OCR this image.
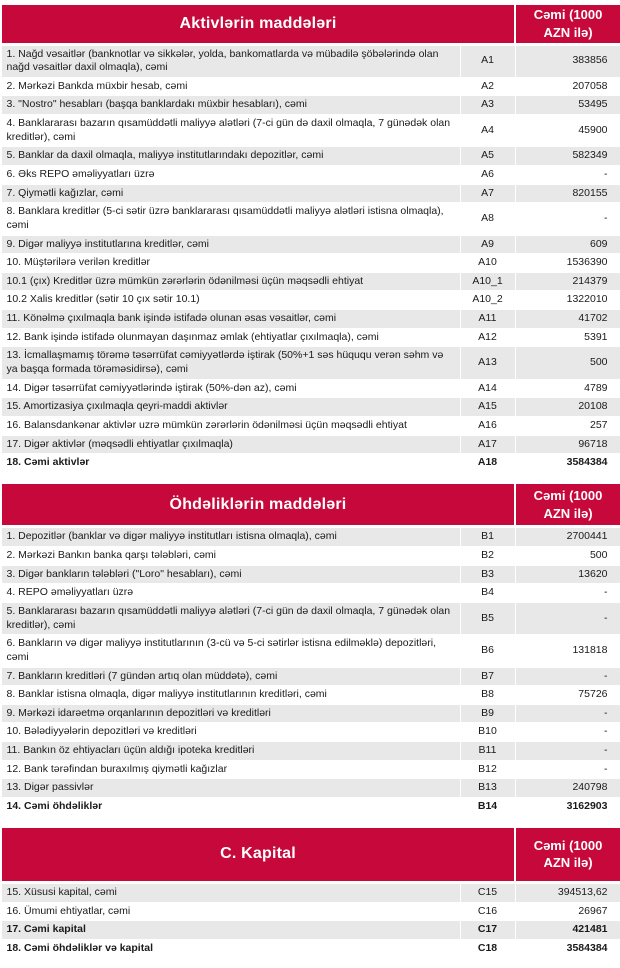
Aktivlərin maddələri		Cəmi (1000 AZN ilə)
1. Nağd vəsaitlər (banknotlar və sikkələr, yolda, bankomatlarda və mübadilə şöbələrində olan nağd vəsaitlər daxil olmaqla), cəmi	A1	383856
2. Mərkəzi Bankda müxbir hesab, cəmi	A2	207058
3. "Nostro" hesabları (başqa banklardakı müxbir hesabları), cəmi	A3	53495
4. Banklararası bazarın qısamüddətli maliyyə alətləri (7-ci gün də daxil olmaqla, 7 günədək olan kreditlər), cəmi	A4	45900
5. Banklar da daxil olmaqla, maliyyə institutlarındakı depozitlər, cəmi	A5	582349
6. Əks REPO əməliyyatları üzrə	A6	-
7. Qiymətli kağızlar, cəmi	A7	820155
8. Banklara kreditlər (5-ci sətir üzrə banklararası qısamüddətli maliyyə alətləri istisna olmaqla), cəmi	A8	-
9. Digər maliyyə institutlarına kreditlər, cəmi	A9	609
10. Müştərilərə verilən kreditlər	A10	1536390
10.1 (çıx) Kreditlər üzrə mümkün zərərlərin ödənilməsi üçün məqsədli ehtiyat	A10_1	214379
10.2 Xalis kreditlər (sətir 10 çıx sətir 10.1)	A10_2	1322010
11. Könəlmə çıxılmaqla bank işində istifadə olunan əsas vəsaitlər, cəmi	A11	41702
12. Bank işində istifadə olunmayan daşınmaz əmlak (ehtiyatlar çıxılmaqla), cəmi	A12	5391
13. İcmallaşmamış törəmə təsərrüfat cəmiyyətlərdə iştirak (50%+1 səs hüququ verən səhm və ya başqa formada törəməsidirsə), cəmi	A13	500
14. Digər təsərrüfat cəmiyyətlərində iştirak (50%-dən az), cəmi	A14	4789
15. Amortizasiya çıxılmaqla qeyri-maddi aktivlər	A15	20108
16. Balansdankənar aktivlər uzrə mümkün zərərlərin ödənilməsi üçün məqsədli ehtiyat	A16	257
17. Digər aktivlər (məqsədli ehtiyatlar çıxılmaqla)	A17	96718
18. Cəmi aktivlər	A18	3584384
Öhdəliklərin maddələri		Cəmi (1000 AZN ilə)
1. Depozitlər (banklar və digər maliyyə institutları istisna olmaqla), cəmi	B1	2700441
2. Mərkəzi Bankın banka qarşı tələbləri, cəmi	B2	500
3. Digər bankların tələbləri ("Loro" hesabları), cəmi	B3	13620
4. REPO əməliyyatları üzrə	B4	-
5. Banklararası bazarın qısamüddətli maliyyə alətləri (7-ci gün də daxil olmaqla, 7 günədək olan kreditlər), cəmi	B5	-
6. Bankların və digər maliyyə institutlarının (3-cü və 5-ci sətirlər istisna edilməklə) depozitləri, cəmi	B6	131818
7. Bankların kreditləri (7 gündən artıq olan müddətə), cəmi	B7	-
8. Banklar istisna olmaqla, digər maliyyə institutlarının kreditləri, cəmi	B8	75726
9. Mərkəzi idarəetmə orqanlarının depozitləri və kreditləri	B9	-
10. Bələdiyyələrin depozitləri və kreditləri	B10	-
11. Bankın öz ehtiyacları üçün aldığı ipoteka kreditləri	B11	-
12. Bank tərəfindan buraxılmış qiymətli kağızlar	B12	-
13. Digər passivlər	B13	240798
14. Cəmi öhdəliklər	B14	3162903
C. Kapital		Cəmi (1000 AZN ilə)
15. Xüsusi kapital, cəmi	C15	394513,62
16. Ümumi ehtiyatlar, cəmi	C16	26967
17. Cəmi kapital	C17	421481
18. Cəmi öhdəliklər və kapital	C18	3584384
